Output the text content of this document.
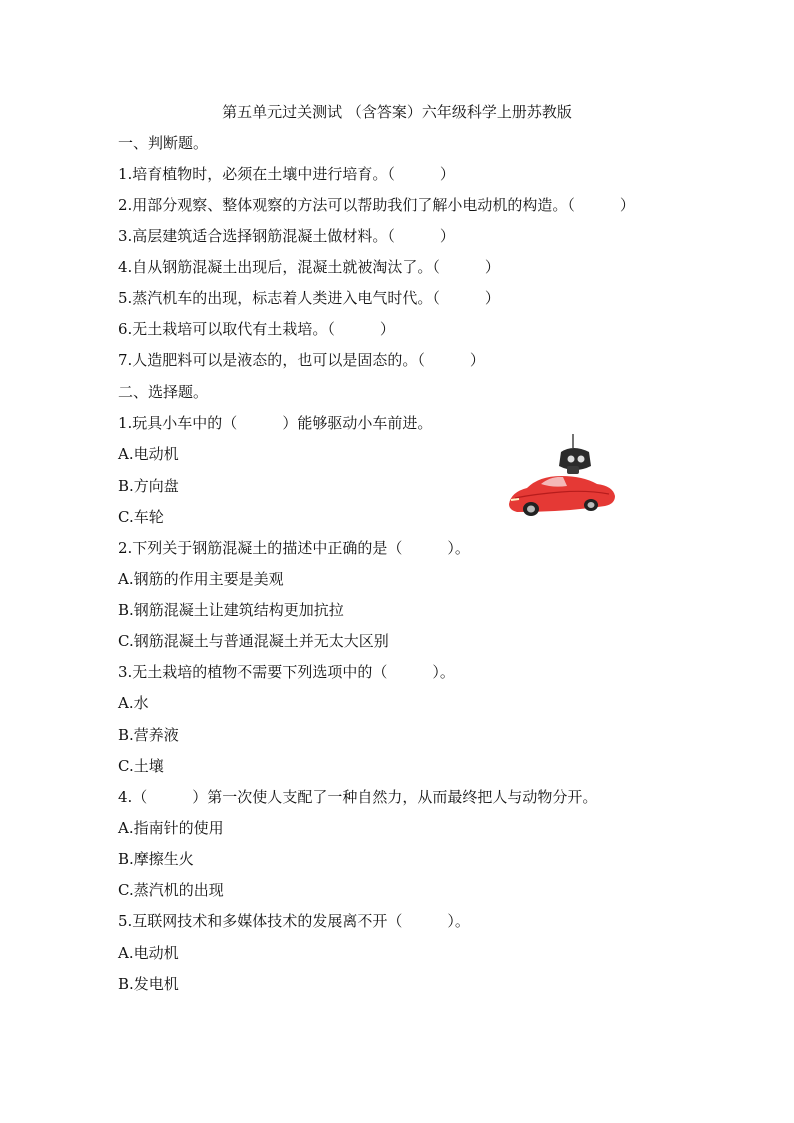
第五单元过关测试 （含答案）六年级科学上册苏教版
一、判断题。
1.培育植物时，必须在土壤中进行培育。（　　　）
2.用部分观察、整体观察的方法可以帮助我们了解小电动机的构造。（　　　）
3.高层建筑适合选择钢筋混凝土做材料。（　　　）
4.自从钢筋混凝土出现后，混凝土就被淘汰了。（　　　）
5.蒸汽机车的出现，标志着人类进入电气时代。（　　　）
6.无土栽培可以取代有土栽培。（　　　）
7.人造肥料可以是液态的，也可以是固态的。（　　　）
二、选择题。
1.玩具小车中的（　　　）能够驱动小车前进。
A.电动机
B.方向盘
C.车轮
2.下列关于钢筋混凝土的描述中正确的是（　　　）。
A.钢筋的作用主要是美观
B.钢筋混凝土让建筑结构更加抗拉
C.钢筋混凝土与普通混凝土并无太大区别
3.无土栽培的植物不需要下列选项中的（　　　）。
A.水
B.营养液
C.土壤
4.（　　　）第一次使人支配了一种自然力，从而最终把人与动物分开。
A.指南针的使用
B.摩擦生火
C.蒸汽机的出现
5.互联网技术和多媒体技术的发展离不开（　　　）。
A.电动机
B.发电机
